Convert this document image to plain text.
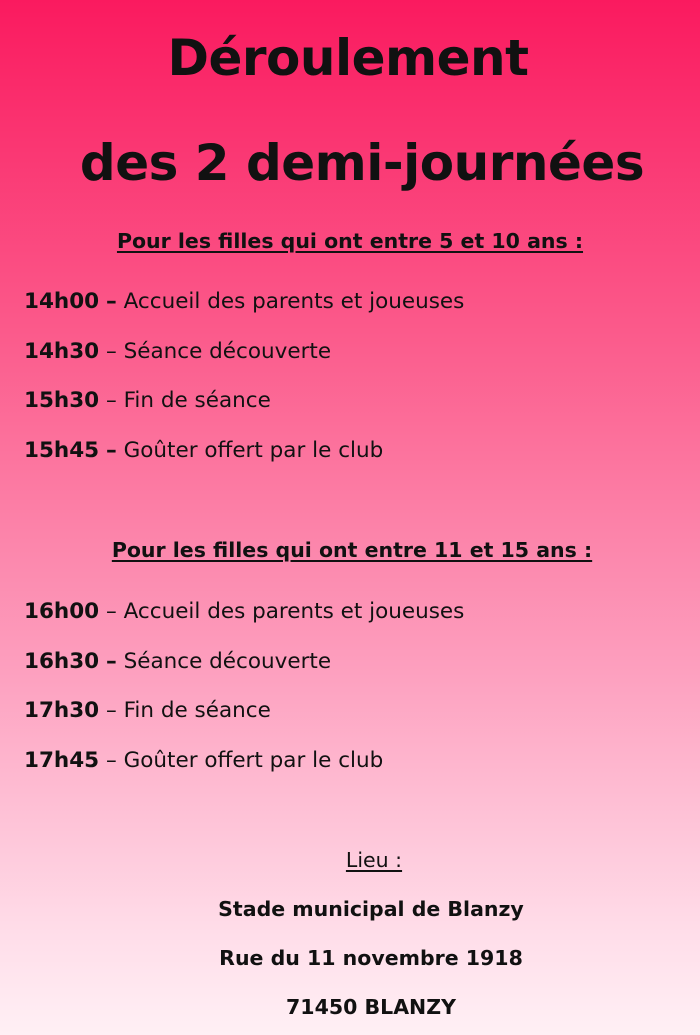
Déroulement
des 2 demi-journées
Pour les filles qui ont entre 5 et 10 ans :
14h00 – Accueil des parents et joueuses
14h30 – Séance découverte
15h30 – Fin de séance
15h45 – Goûter offert par le club
Pour les filles qui ont entre 11 et 15 ans :
16h00 – Accueil des parents et joueuses
16h30 – Séance découverte
17h30 – Fin de séance
17h45 – Goûter offert par le club

Lieu :

Stade municipal de Blanzy

Rue du 11 novembre 1918

71450 BLANZY
